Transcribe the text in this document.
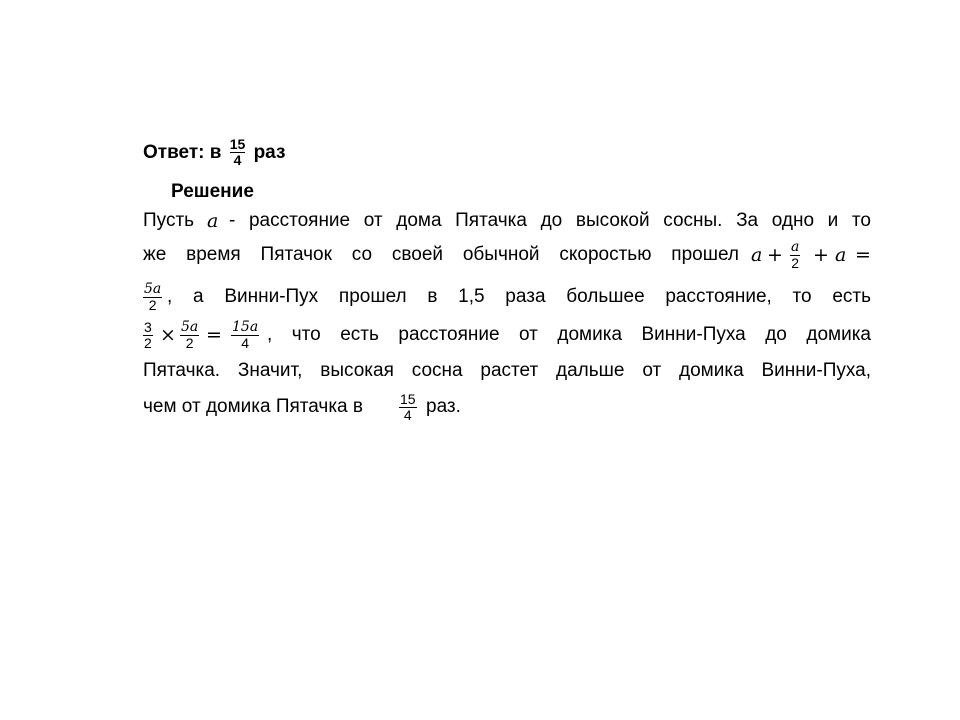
Ответ: в $\frac{15}{4}$ раз
Решение
Пусть a - расстояние от дома Пятачка до высокой сосны. За одно и то
же время Пятачок со своей обычной скоростью прошел a + a
2 + a =
5a
2 , а Винни-Пух прошел в 1,5 раза большее расстояние, то есть
3
2 × 5a
2 = 15a
4 , что есть расстояние от домика Винни-Пуха до домика
Пятачка. Значит, высокая сосна растет дальше от домика Винни-Пуха,
чем от домика Пятачка в	15
4 раз.
